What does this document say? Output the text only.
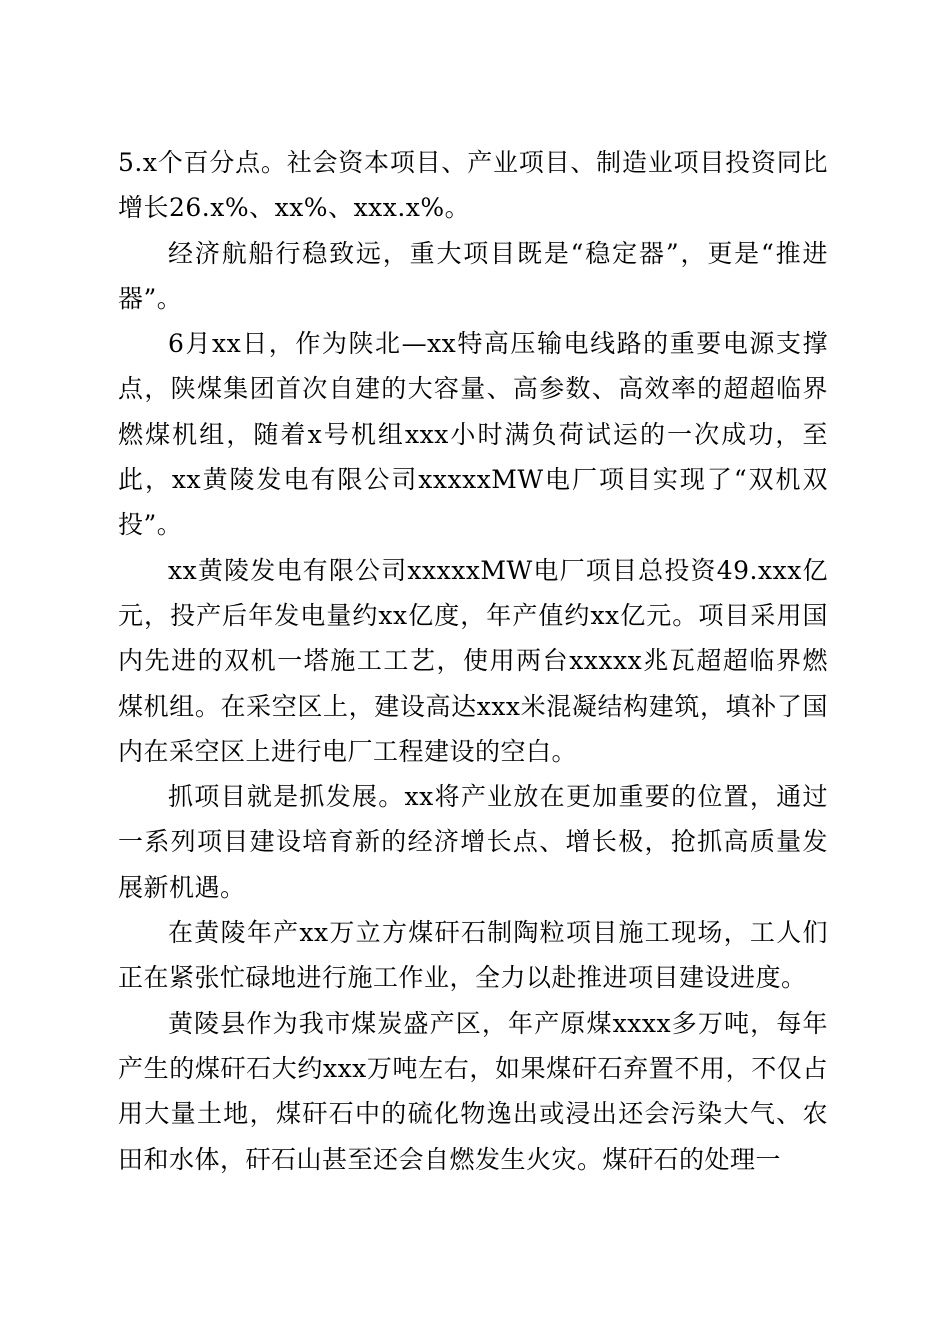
5.x个百分点。社会资本项目、产业项目、制造业项目投资同比增长26.x%、xx%、xxx.x%。

经济航船行稳致远，重大项目既是“稳定器”，更是“推进器”。

6月xx日，作为陕北—xx特高压输电线路的重要电源支撑点，陕煤集团首次自建的大容量、高参数、高效率的超超临界燃煤机组，随着x号机组xxx小时满负荷试运的一次成功，至此，xx黄陵发电有限公司xxxxxMW电厂项目实现了“双机双投”。

xx黄陵发电有限公司xxxxxMW电厂项目总投资49.xxx亿元，投产后年发电量约xx亿度，年产值约xx亿元。项目采用国内先进的双机一塔施工工艺，使用两台xxxxx兆瓦超超临界燃煤机组。在采空区上，建设高达xxx米混凝结构建筑，填补了国内在采空区上进行电厂工程建设的空白。

抓项目就是抓发展。xx将产业放在更加重要的位置，通过一系列项目建设培育新的经济增长点、增长极，抢抓高质量发展新机遇。

在黄陵年产xx万立方煤矸石制陶粒项目施工现场，工人们正在紧张忙碌地进行施工作业，全力以赴推进项目建设进度。

黄陵县作为我市煤炭盛产区，年产原煤xxxx多万吨，每年产生的煤矸石大约xxx万吨左右，如果煤矸石弃置不用，不仅占用大量土地，煤矸石中的硫化物逸出或浸出还会污染大气、农田和水体，矸石山甚至还会自燃发生火灾。煤矸石的处理一
